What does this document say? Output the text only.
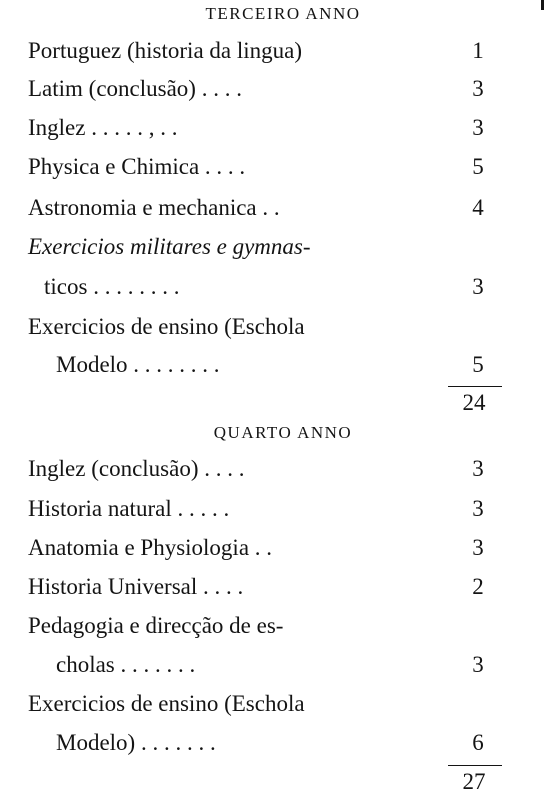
TERCEIRO ANNO
Portuguez (historia da lingua)	1
Latim (conclusão) . . . .	3
Inglez . . . . . , . .	3
Physica e Chimica . . . .	5
Astronomia e mechanica . .	4
Exercicios militares e gymnas-
ticos . . . . . . . .	3
Exercicios de ensino (Eschola
Modelo . . . . . . . .	5
24
QUARTO ANNO
Inglez (conclusão) . . . .	3
Historia natural . . . . .	3
Anatomia e Physiologia . .	3
Historia Universal . . . .	2
Pedagogia e direcção de es-
cholas . . . . . . .	3
Exercicios de ensino (Eschola
Modelo) . . . . . . .	6
27
